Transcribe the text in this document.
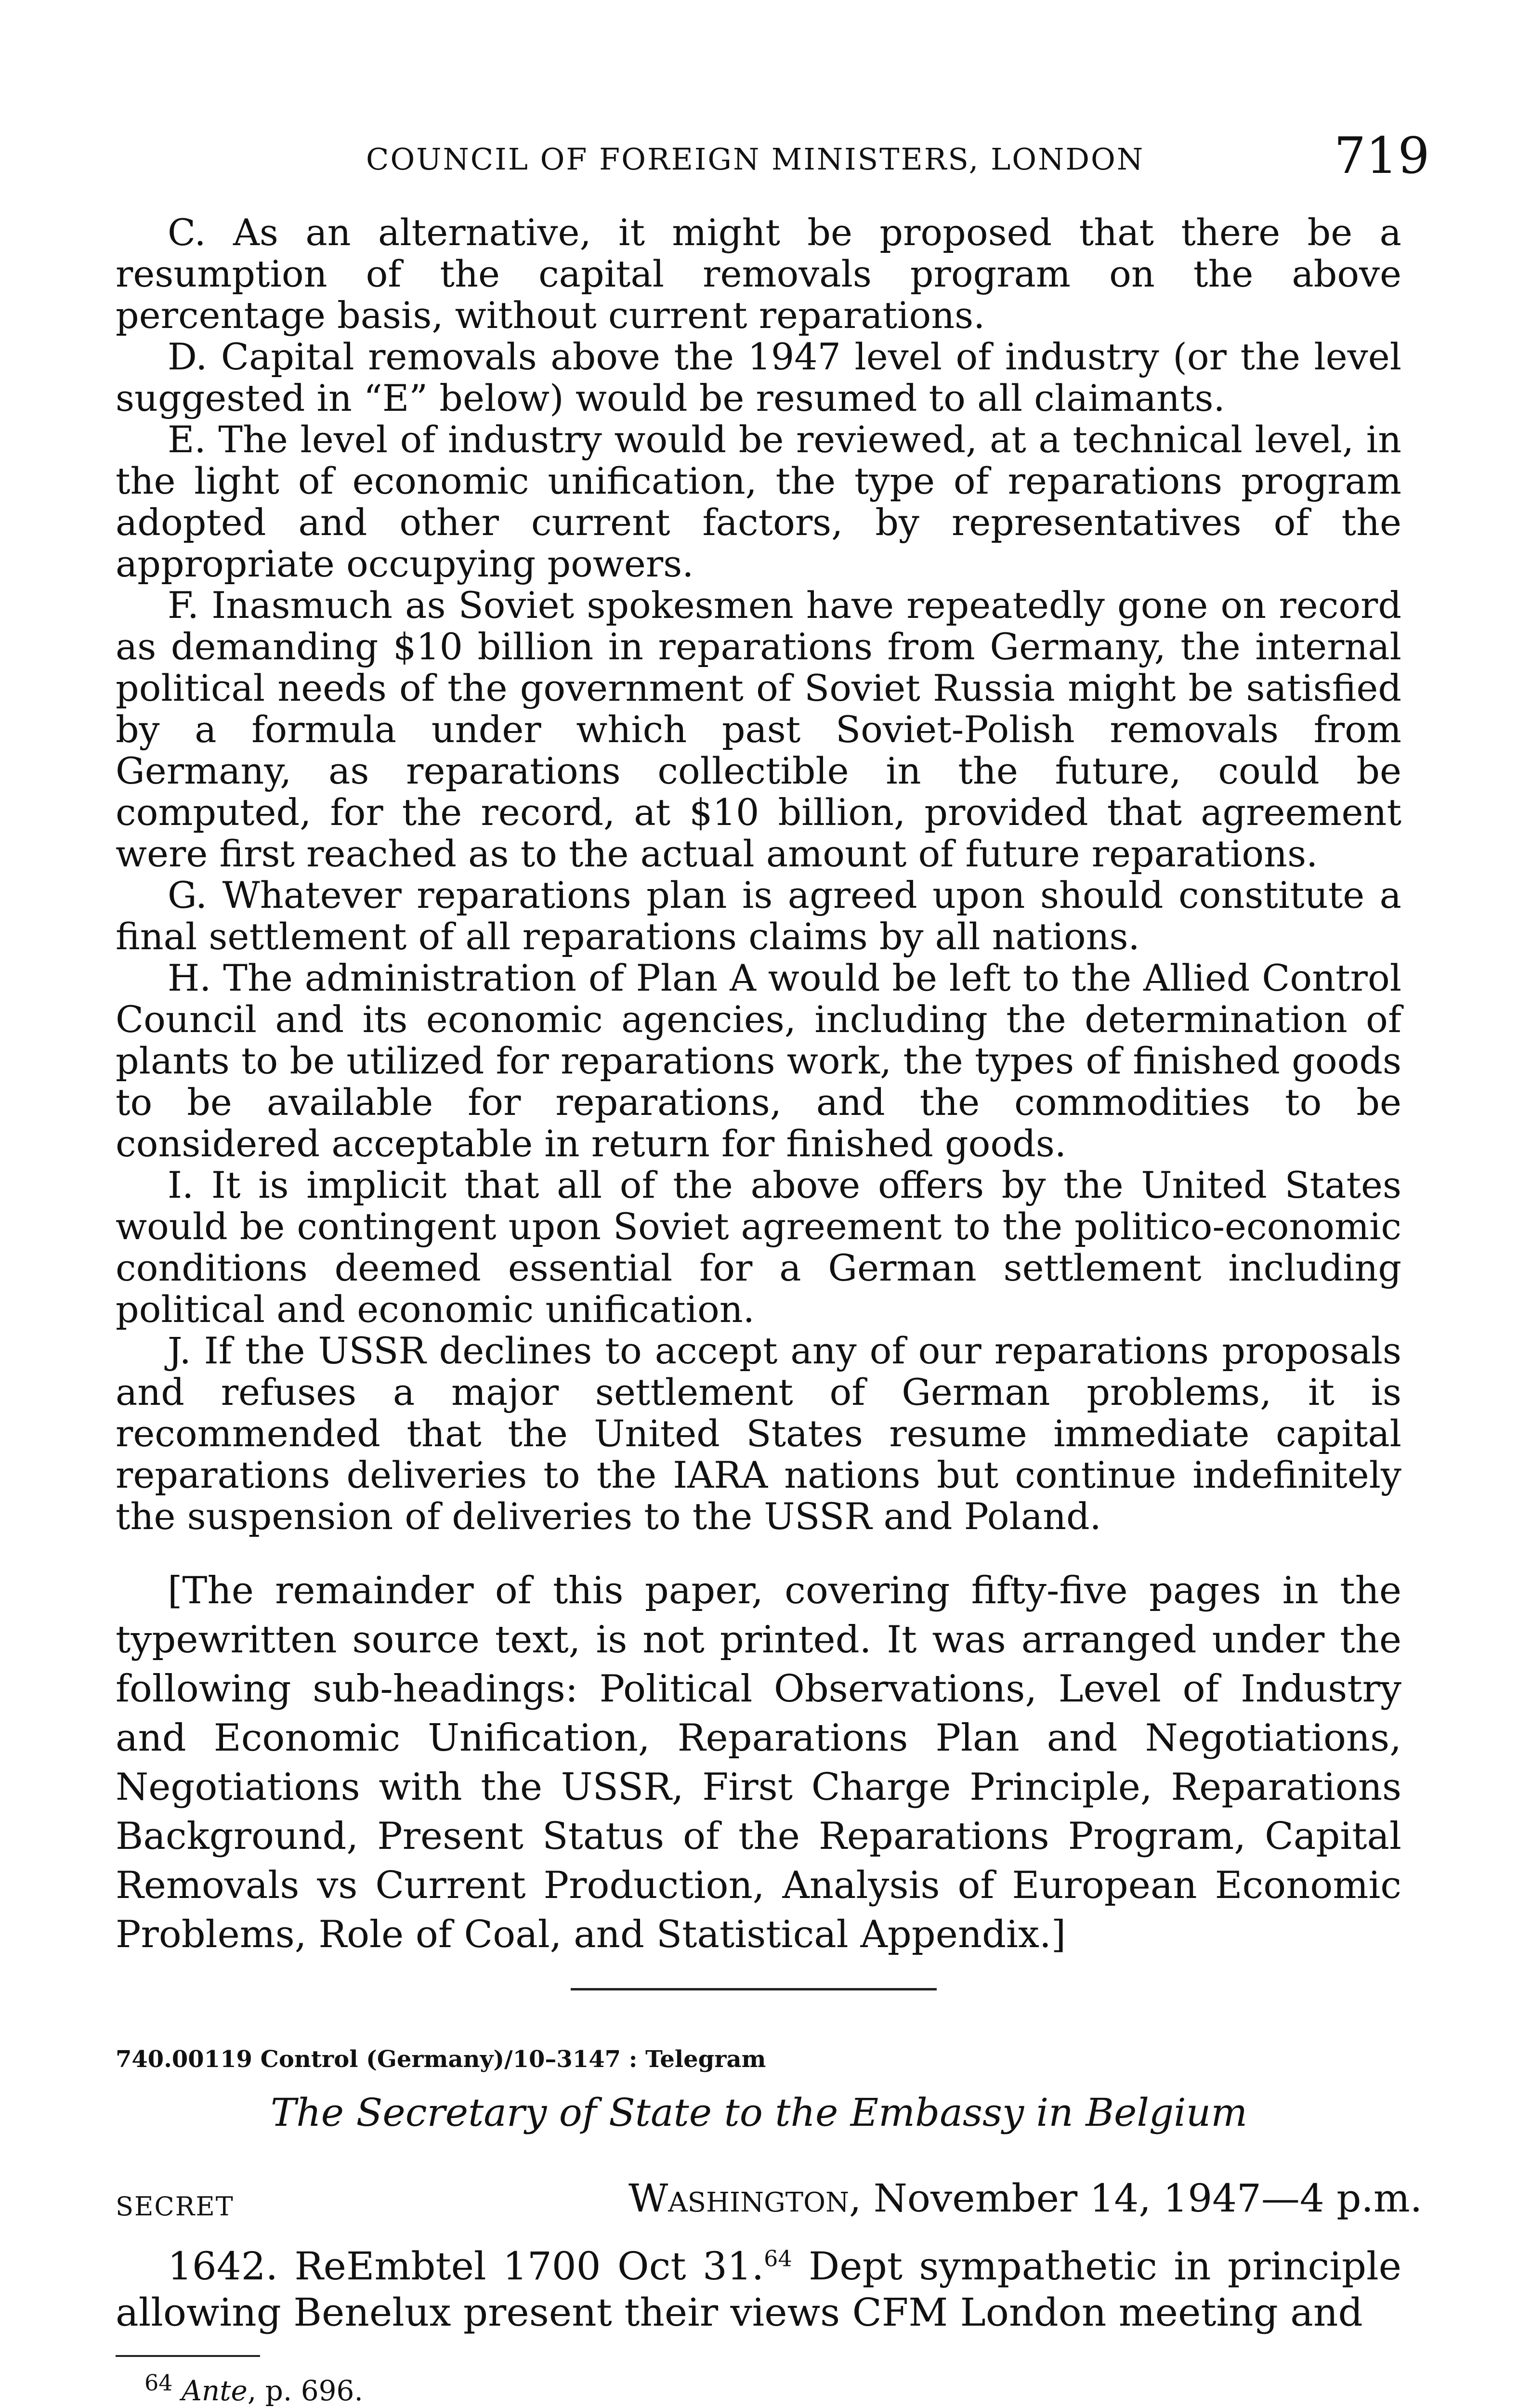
COUNCIL OF FOREIGN MINISTERS, LONDON	719

C. As an alternative, it might be proposed that there be a resumption of the capital removals program on the above percentage basis, without current reparations.

D. Capital removals above the 1947 level of industry (or the level suggested in “E” below) would be resumed to all claimants.

E. The level of industry would be reviewed, at a technical level, in the light of economic unification, the type of reparations program adopted and other current factors, by representatives of the appropriate occupying powers.

F. Inasmuch as Soviet spokesmen have repeatedly gone on record as demanding $10 billion in reparations from Germany, the internal political needs of the government of Soviet Russia might be satisfied by a formula under which past Soviet-Polish removals from Germany, as reparations collectible in the future, could be computed, for the record, at $10 billion, provided that agreement were first reached as to the actual amount of future reparations.

G. Whatever reparations plan is agreed upon should constitute a final settlement of all reparations claims by all nations.

H. The administration of Plan A would be left to the Allied Control Council and its economic agencies, including the determination of plants to be utilized for reparations work, the types of finished goods to be available for reparations, and the commodities to be considered acceptable in return for finished goods.

I. It is implicit that all of the above offers by the United States would be contingent upon Soviet agreement to the politico-economic conditions deemed essential for a German settlement including political and economic unification.

J. If the USSR declines to accept any of our reparations proposals and refuses a major settlement of German problems, it is recommended that the United States resume immediate capital reparations deliveries to the IARA nations but continue indefinitely the suspension of deliveries to the USSR and Poland.

[The remainder of this paper, covering fifty-five pages in the typewritten source text, is not printed. It was arranged under the following sub-headings: Political Observations, Level of Industry and Economic Unification, Reparations Plan and Negotiations, Negotiations with the USSR, First Charge Principle, Reparations Background, Present Status of the Reparations Program, Capital Removals vs Current Production, Analysis of European Economic Problems, Role of Coal, and Statistical Appendix.]

740.00119 Control (Germany)/10–3147 : Telegram
The Secretary of State to the Embassy in Belgium
SECRET	Washington, November 14, 1947—4 p.m.

1642. ReEmbtel 1700 Oct 31.64 Dept sympathetic in principle allowing Benelux present their views CFM London meeting and

$^{64}$ Ante, p. 696.
